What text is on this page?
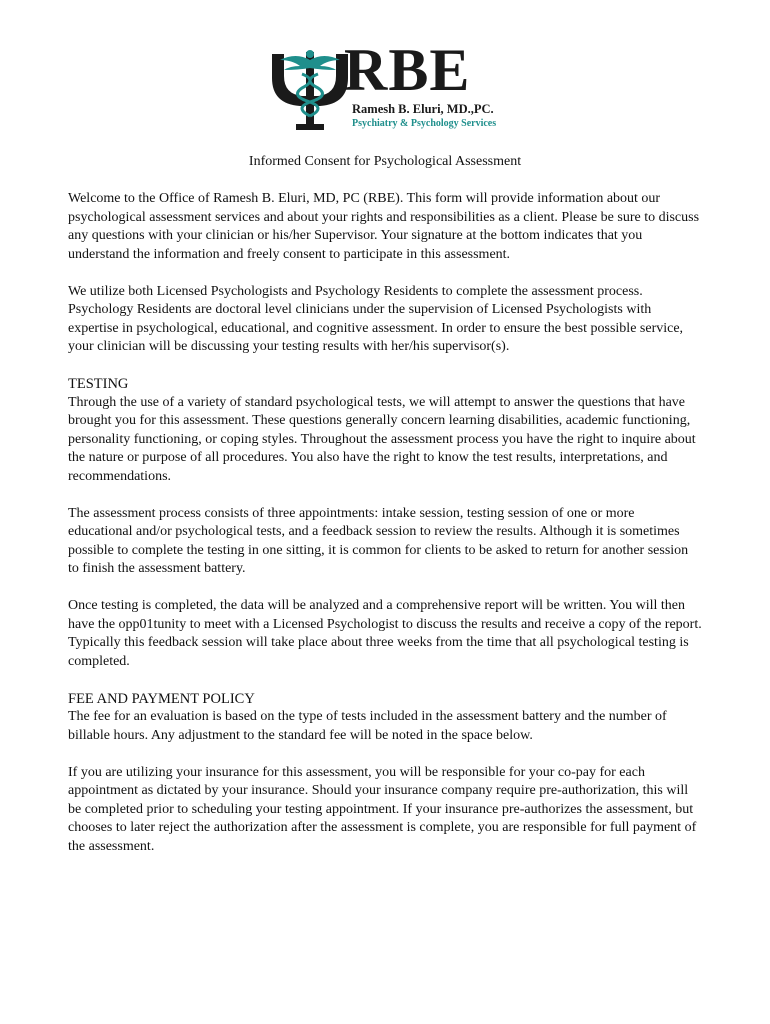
RBE
Ramesh B. Eluri, MD.,PC.
Psychiatry & Psychology Services
Informed Consent for Psychological Assessment

Welcome to the Office of Ramesh B. Eluri, MD, PC (RBE). This form will provide information about our psychological assessment services and about your rights and responsibilities as a client. Please be sure to discuss any questions with your clinician or his/her Supervisor. Your signature at the bottom indicates that you understand the information and freely consent to participate in this assessment.

We utilize both Licensed Psychologists and Psychology Residents to complete the assessment process. Psychology Residents are doctoral level clinicians under the supervision of Licensed Psychologists with expertise in psychological, educational, and cognitive assessment. In order to ensure the best possible service, your clinician will be discussing your testing results with her/his supervisor(s).

TESTING

Through the use of a variety of standard psychological tests, we will attempt to answer the questions that have brought you for this assessment. These questions generally concern learning disabilities, academic functioning, personality functioning, or coping styles. Throughout the assessment process you have the right to inquire about the nature or purpose of all procedures. You also have the right to know the test results, interpretations, and recommendations.

The assessment process consists of three appointments: intake session, testing session of one or more educational and/or psychological tests, and a feedback session to review the results. Although it is sometimes possible to complete the testing in one sitting, it is common for clients to be asked to return for another session to finish the assessment battery.

Once testing is completed, the data will be analyzed and a comprehensive report will be written. You will then have the opp01tunity to meet with a Licensed Psychologist to discuss the results and receive a copy of the report. Typically this feedback session will take place about three weeks from the time that all psychological testing is completed.

FEE AND PAYMENT POLICY

The fee for an evaluation is based on the type of tests included in the assessment battery and the number of billable hours. Any adjustment to the standard fee will be noted in the space below.

If you are utilizing your insurance for this assessment, you will be responsible for your co-pay for each appointment as dictated by your insurance. Should your insurance company require pre-authorization, this will be completed prior to scheduling your testing appointment. If your insurance pre-authorizes the assessment, but chooses to later reject the authorization after the assessment is complete, you are responsible for full payment of the assessment.
